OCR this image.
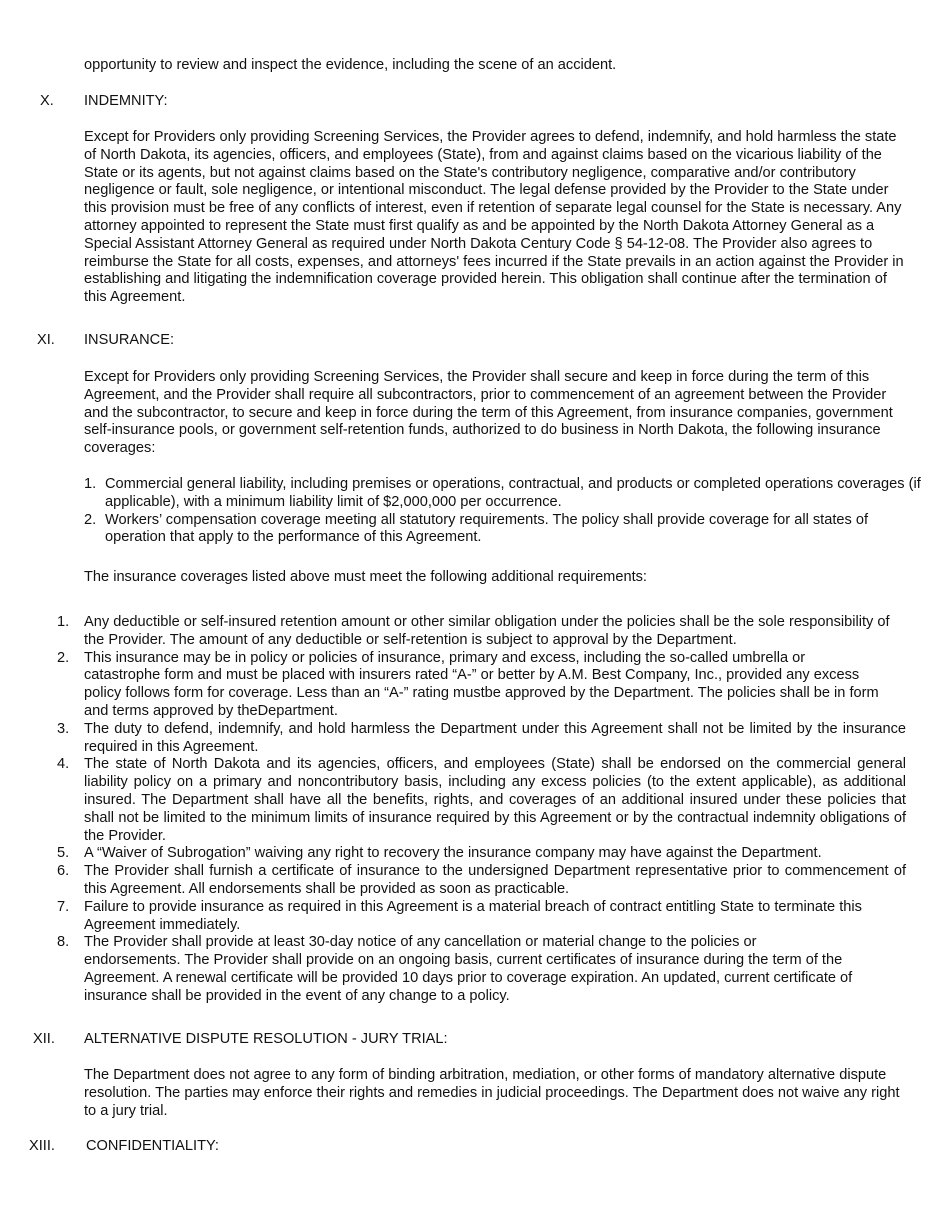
opportunity to review and inspect the evidence, including the scene of an accident.
X. INDEMNITY:
Except for Providers only providing Screening Services, the Provider agrees to defend, indemnify, and hold harmless the state of North Dakota, its agencies, officers, and employees (State), from and against claims based on the vicarious liability of the State or its agents, but not against claims based on the State's contributory negligence, comparative and/or contributory negligence or fault, sole negligence, or intentional misconduct. The legal defense provided by the Provider to the State under this provision must be free of any conflicts of interest, even if retention of separate legal counsel for the State is necessary. Any attorney appointed to represent the State must first qualify as and be appointed by the North Dakota Attorney General as a Special Assistant Attorney General as required under North Dakota Century Code § 54-12-08. The Provider also agrees to reimburse the State for all costs, expenses, and attorneys' fees incurred if the State prevails in an action against the Provider in establishing and litigating the indemnification coverage provided herein. This obligation shall continue after the termination of this Agreement.
XI. INSURANCE:
Except for Providers only providing Screening Services, the Provider shall secure and keep in force during the term of this Agreement, and the Provider shall require all subcontractors, prior to commencement of an agreement between the Provider and the subcontractor, to secure and keep in force during the term of this Agreement, from insurance companies, government self-insurance pools, or government self-retention funds, authorized to do business in North Dakota, the following insurance coverages:
1. Commercial general liability, including premises or operations, contractual, and products or completed operations coverages (if applicable), with a minimum liability limit of $2,000,000 per occurrence.
2. Workers’ compensation coverage meeting all statutory requirements. The policy shall provide coverage for all states of operation that apply to the performance of this Agreement.
The insurance coverages listed above must meet the following additional requirements:
1.	Any deductible or self-insured retention amount or other similar obligation under the policies shall be the sole responsibility of the Provider. The amount of any deductible or self-retention is subject to approval by the Department.
2.	This insurance may be in policy or policies of insurance, primary and excess, including the so-called umbrella or catastrophe form and must be placed with insurers rated “A-” or better by A.M. Best Company, Inc., provided any excess policy follows form for coverage. Less than an “A-” rating mustbe approved by the Department. The policies shall be in form and terms approved by theDepartment.
3.	The duty to defend, indemnify, and hold harmless the Department under this Agreement shall not be limited by the insurance required in this Agreement.
4.	The state of North Dakota and its agencies, officers, and employees (State) shall be endorsed on the commercial general liability policy on a primary and noncontributory basis, including any excess policies (to the extent applicable), as additional insured. The Department shall have all the benefits, rights, and coverages of an additional insured under these policies that shall not be limited to the minimum limits of insurance required by this Agreement or by the contractual indemnity obligations of the Provider.
5.	A “Waiver of Subrogation” waiving any right to recovery the insurance company may have against the Department.
6.	The Provider shall furnish a certificate of insurance to the undersigned Department representative prior to commencement of this Agreement. All endorsements shall be provided as soon as practicable.
7.	Failure to provide insurance as required in this Agreement is a material breach of contract entitling State to terminate this Agreement immediately.
8.	The Provider shall provide at least 30-day notice of any cancellation or material change to the policies or endorsements. The Provider shall provide on an ongoing basis, current certificates of insurance during the term of the Agreement. A renewal certificate will be provided 10 days prior to coverage expiration. An updated, current certificate of insurance shall be provided in the event of any change to a policy.
XII. ALTERNATIVE DISPUTE RESOLUTION - JURY TRIAL:
The Department does not agree to any form of binding arbitration, mediation, or other forms of mandatory alternative dispute resolution. The parties may enforce their rights and remedies in judicial proceedings. The Department does not waive any right to a jury trial.
XIII. CONFIDENTIALITY:
